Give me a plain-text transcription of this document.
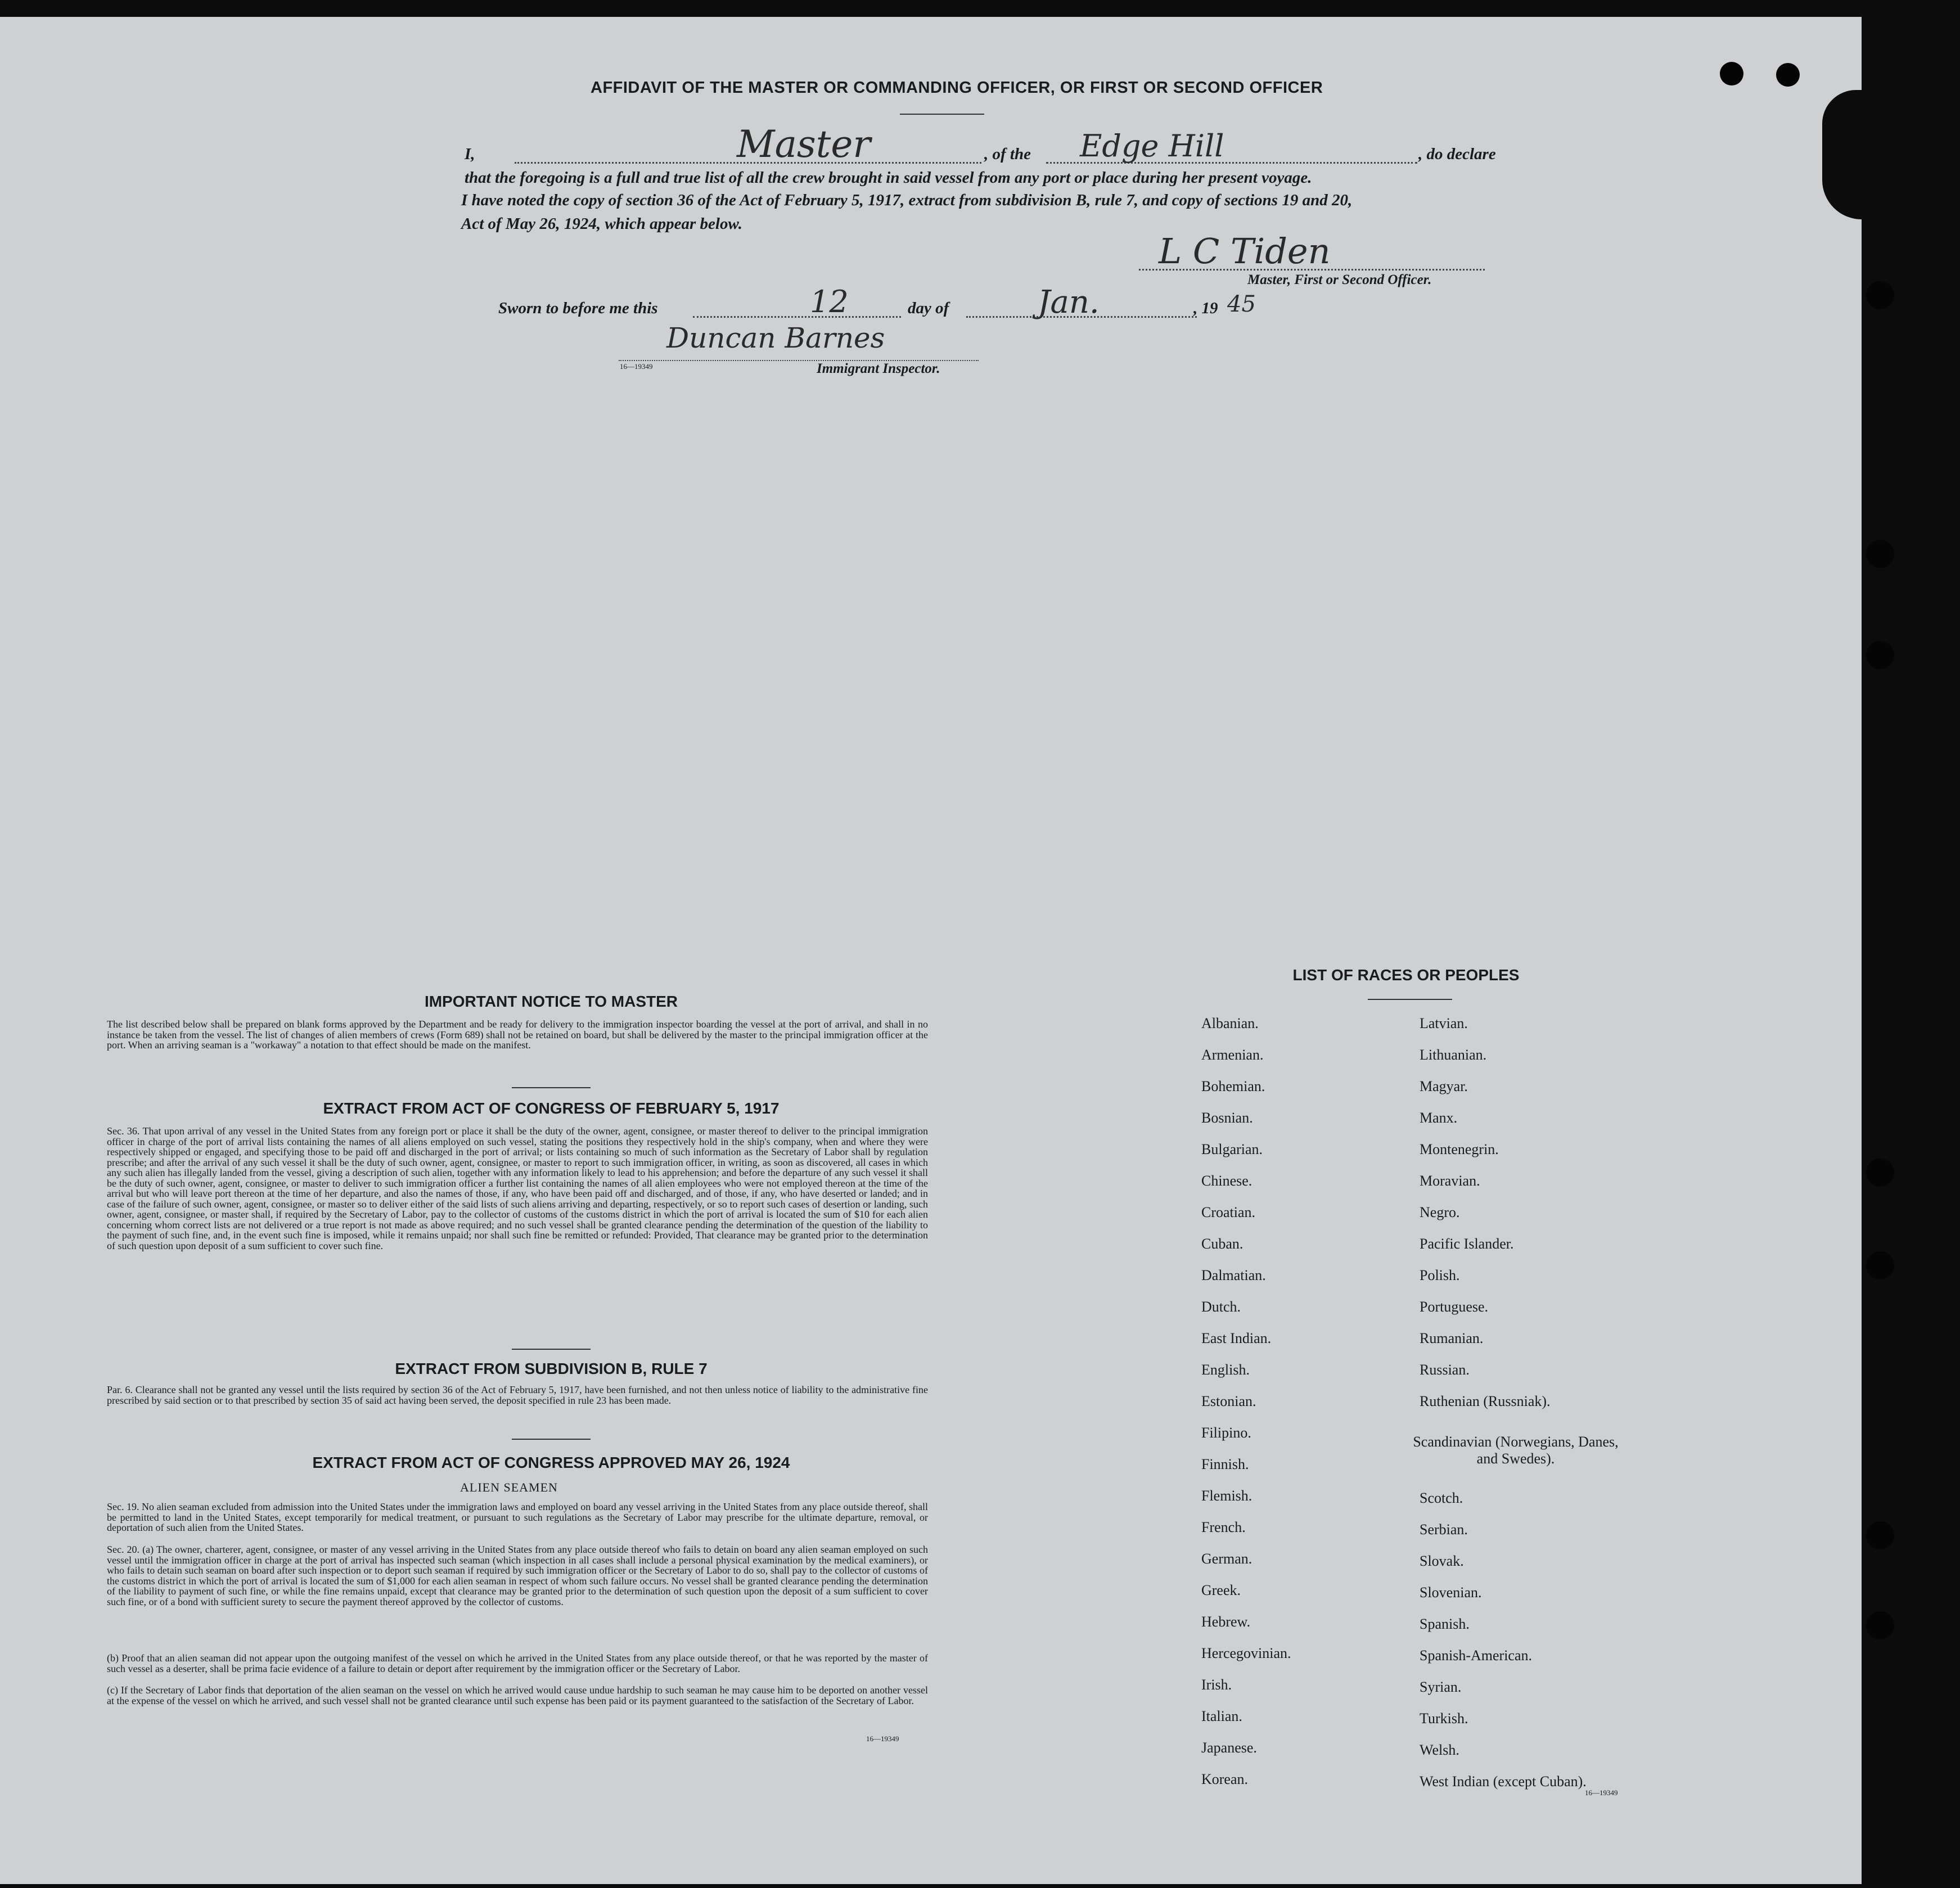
AFFIDAVIT OF THE MASTER OR COMMANDING OFFICER, OR FIRST OR SECOND OFFICER
I,	Master	, of the Edge Hill	, do declare
that the foregoing is a full and true list of all the crew brought in said vessel from any port or place during her present voyage.
I have noted the copy of section 36 of the Act of February 5, 1917, extract from subdivision B, rule 7, and copy of sections 19 and 20,
Act of May 26, 1924, which appear below.
L C Tiden
Master, First or Second Officer.
Sworn to before me this	12	day of	Jan.	, 19 45
Duncan Barnes
16—19349	Immigrant Inspector.
IMPORTANT NOTICE TO MASTER
The list described below shall be prepared on blank forms approved by the Department and be ready for delivery to the immigration inspector boarding the vessel at the port of arrival, and shall in no instance be taken from the vessel. The list of changes of alien members of crews (Form 689) shall not be retained on board, but shall be delivered by the master to the principal immigration officer at the port. When an arriving seaman is a "workaway" a notation to that effect should be made on the manifest.
EXTRACT FROM ACT OF CONGRESS OF FEBRUARY 5, 1917
Sec. 36. That upon arrival of any vessel in the United States from any foreign port or place it shall be the duty of the owner, agent, consignee, or master thereof to deliver to the principal immigration officer in charge of the port of arrival lists containing the names of all aliens employed on such vessel, stating the positions they respectively hold in the ship's company, when and where they were respectively shipped or engaged, and specifying those to be paid off and discharged in the port of arrival; or lists containing so much of such information as the Secretary of Labor shall by regulation prescribe; and after the arrival of any such vessel it shall be the duty of such owner, agent, consignee, or master to report to such immigration officer, in writing, as soon as discovered, all cases in which any such alien has illegally landed from the vessel, giving a description of such alien, together with any information likely to lead to his apprehension; and before the departure of any such vessel it shall be the duty of such owner, agent, consignee, or master to deliver to such immigration officer a further list containing the names of all alien employees who were not employed thereon at the time of the arrival but who will leave port thereon at the time of her departure, and also the names of those, if any, who have been paid off and discharged, and of those, if any, who have deserted or landed; and in case of the failure of such owner, agent, consignee, or master so to deliver either of the said lists of such aliens arriving and departing, respectively, or so to report such cases of desertion or landing, such owner, agent, consignee, or master shall, if required by the Secretary of Labor, pay to the collector of customs of the customs district in which the port of arrival is located the sum of $10 for each alien concerning whom correct lists are not delivered or a true report is not made as above required; and no such vessel shall be granted clearance pending the determination of the question of the liability to the payment of such fine, and, in the event such fine is imposed, while it remains unpaid; nor shall such fine be remitted or refunded: Provided, That clearance may be granted prior to the determination of such question upon deposit of a sum sufficient to cover such fine.
EXTRACT FROM SUBDIVISION B, RULE 7
Par. 6. Clearance shall not be granted any vessel until the lists required by section 36 of the Act of February 5, 1917, have been furnished, and not then unless notice of liability to the administrative fine prescribed by said section or to that prescribed by section 35 of said act having been served, the deposit specified in rule 23 has been made.
EXTRACT FROM ACT OF CONGRESS APPROVED MAY 26, 1924
ALIEN SEAMEN
Sec. 19. No alien seaman excluded from admission into the United States under the immigration laws and employed on board any vessel arriving in the United States from any place outside thereof, shall be permitted to land in the United States, except temporarily for medical treatment, or pursuant to such regulations as the Secretary of Labor may prescribe for the ultimate departure, removal, or deportation of such alien from the United States.
Sec. 20. (a) The owner, charterer, agent, consignee, or master of any vessel arriving in the United States from any place outside thereof who fails to detain on board any alien seaman employed on such vessel until the immigration officer in charge at the port of arrival has inspected such seaman (which inspection in all cases shall include a personal physical examination by the medical examiners), or who fails to detain such seaman on board after such inspection or to deport such seaman if required by such immigration officer or the Secretary of Labor to do so, shall pay to the collector of customs of the customs district in which the port of arrival is located the sum of $1,000 for each alien seaman in respect of whom such failure occurs. No vessel shall be granted clearance pending the determination of the liability to payment of such fine, or while the fine remains unpaid, except that clearance may be granted prior to the determination of such question upon the deposit of a sum sufficient to cover such fine, or of a bond with sufficient surety to secure the payment thereof approved by the collector of customs.
(b) Proof that an alien seaman did not appear upon the outgoing manifest of the vessel on which he arrived in the United States from any place outside thereof, or that he was reported by the master of such vessel as a deserter, shall be prima facie evidence of a failure to detain or deport after requirement by the immigration officer or the Secretary of Labor.
(c) If the Secretary of Labor finds that deportation of the alien seaman on the vessel on which he arrived would cause undue hardship to such seaman he may cause him to be deported on another vessel at the expense of the vessel on which he arrived, and such vessel shall not be granted clearance until such expense has been paid or its payment guaranteed to the satisfaction of the Secretary of Labor.
16—19349
LIST OF RACES OR PEOPLES
Albanian.
Armenian.
Bohemian.
Bosnian.
Bulgarian.
Chinese.
Croatian.
Cuban.
Dalmatian.
Dutch.
East Indian.
English.
Estonian.
Filipino.
Finnish.
Flemish.
French.
German.
Greek.
Hebrew.
Hercegovinian.
Irish.
Italian.
Japanese.
Korean.
Latvian.
Lithuanian.
Magyar.
Manx.
Montenegrin.
Moravian.
Negro.
Pacific Islander.
Polish.
Portuguese.
Rumanian.
Russian.
Ruthenian (Russniak).
Scandinavian (Norwegians, Danes, and Swedes).
Scotch.
Serbian.
Slovak.
Slovenian.
Spanish.
Spanish-American.
Syrian.
Turkish.
Welsh.
West Indian (except Cuban).
16—19349
